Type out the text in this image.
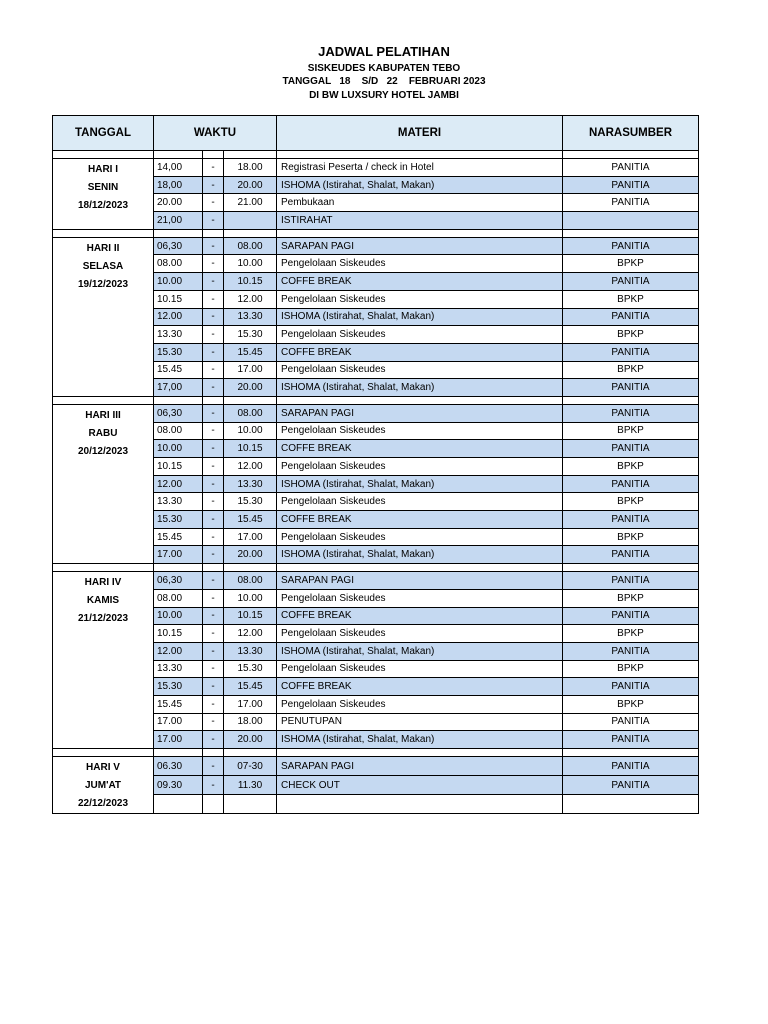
JADWAL PELATIHAN
SISKEUDES KABUPATEN TEBO
TANGGAL   18    S/D   22    FEBRUARI 2023
DI BW LUXSURY HOTEL JAMBI
TANGGAL	WAKTU			MATERI	NARASUMBER

HARI I
SENIN
18/12/2023	14,00	-	18.00	Registrasi Peserta / check in Hotel	PANITIA
	18,00	-	20.00	ISHOMA (Istirahat, Shalat, Makan)	PANITIA
	20.00	-	21.00	Pembukaan	PANITIA
	21,00	-		ISTIRAHAT	

HARI II
SELASA
19/12/2023	06,30	-	08.00	SARAPAN PAGI	PANITIA
	08.00	-	10.00	Pengelolaan Siskeudes	BPKP
	10.00	-	10.15	COFFE BREAK	PANITIA
	10.15	-	12.00	Pengelolaan Siskeudes	BPKP
	12.00	-	13.30	ISHOMA (Istirahat, Shalat, Makan)	PANITIA
	13.30	-	15.30	Pengelolaan Siskeudes	BPKP
	15.30	-	15.45	COFFE BREAK	PANITIA
	15.45	-	17.00	Pengelolaan Siskeudes	BPKP
	17,00	-	20.00	ISHOMA (Istirahat, Shalat, Makan)	PANITIA

HARI III
RABU
20/12/2023	06,30	-	08.00	SARAPAN PAGI	PANITIA
	08.00	-	10.00	Pengelolaan Siskeudes	BPKP
	10.00	-	10.15	COFFE BREAK	PANITIA
	10.15	-	12.00	Pengelolaan Siskeudes	BPKP
	12.00	-	13.30	ISHOMA (Istirahat, Shalat, Makan)	PANITIA
	13.30	-	15.30	Pengelolaan Siskeudes	BPKP
	15.30	-	15.45	COFFE BREAK	PANITIA
	15.45	-	17.00	Pengelolaan Siskeudes	BPKP
	17.00	-	20.00	ISHOMA (Istirahat, Shalat, Makan)	PANITIA

HARI IV
KAMIS
21/12/2023	06,30	-	08.00	SARAPAN PAGI	PANITIA
	08.00	-	10.00	Pengelolaan Siskeudes	BPKP
	10.00	-	10.15	COFFE BREAK	PANITIA
	10.15	-	12.00	Pengelolaan Siskeudes	BPKP
	12.00	-	13.30	ISHOMA (Istirahat, Shalat, Makan)	PANITIA
	13.30	-	15.30	Pengelolaan Siskeudes	BPKP
	15.30	-	15.45	COFFE BREAK	PANITIA
	15.45	-	17.00	Pengelolaan Siskeudes	BPKP
	17.00	-	18.00	PENUTUPAN	PANITIA
	17.00	-	20.00	ISHOMA (Istirahat, Shalat, Makan)	PANITIA

HARI V
JUM'AT
22/12/2023	06.30	-	07-30	SARAPAN PAGI	PANITIA
	09.30	-	11.30	CHECK OUT	PANITIA
